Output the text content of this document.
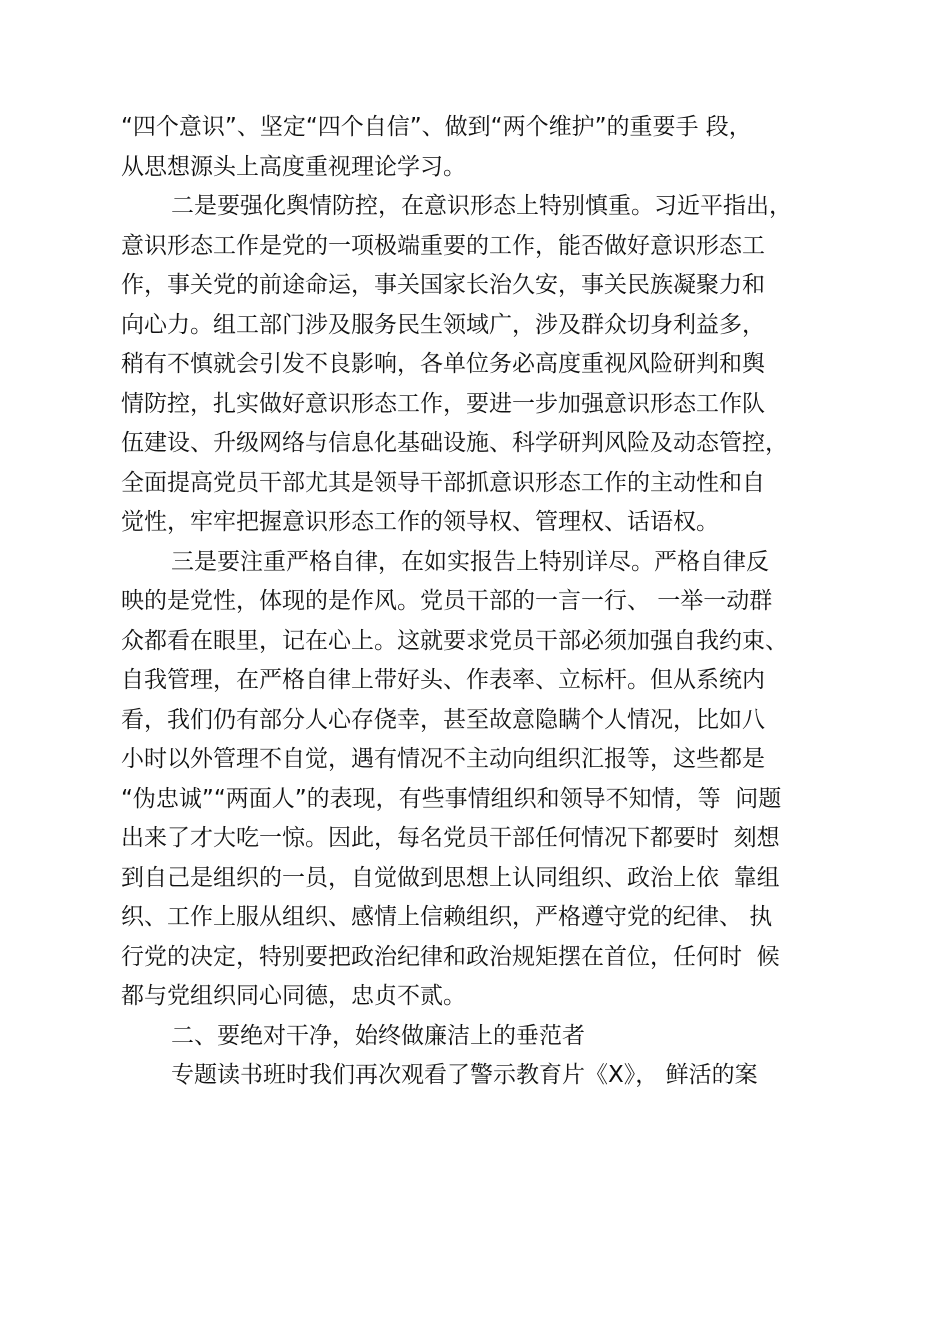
“四个意识”、坚定“四个自信”、做到“两个维护”的重要手 段，
从思想源头上高度重视理论学习。
二是要强化舆情防控，在意识形态上特别慎重。习近平指出，
意识形态工作是党的一项极端重要的工作，能否做好意识形态工
作，事关党的前途命运，事关国家长治久安，事关民族凝聚力和
向心力。组工部门涉及服务民生领域广，涉及群众切身利益多，
稍有不慎就会引发不良影响，各单位务必高度重视风险研判和舆
情防控，扎实做好意识形态工作，要进一步加强意识形态工作队
伍建设、升级网络与信息化基础设施、科学研判风险及动态管控，
全面提高党员干部尤其是领导干部抓意识形态工作的主动性和自
觉性，牢牢把握意识形态工作的领导权、管理权、话语权。
三是要注重严格自律，在如实报告上特别详尽。严格自律反
映的是党性，体现的是作风。党员干部的一言一行、 一举一动群
众都看在眼里，记在心上。这就要求党员干部必须加强自我约束、
自我管理，在严格自律上带好头、作表率、立标杆。但从系统内
看，我们仍有部分人心存侥幸，甚至故意隐瞒个人情况，比如八
小时以外管理不自觉，遇有情况不主动向组织汇报等，这些都是
“伪忠诚”“两面人”的表现，有些事情组织和领导不知情，等  问题
出来了才大吃一惊。因此，每名党员干部任何情况下都要时  刻想
到自己是组织的一员，自觉做到思想上认同组织、政治上依  靠组
织、工作上服从组织、感情上信赖组织，严格遵守党的纪律、 执
行党的决定，特别要把政治纪律和政治规矩摆在首位，任何时  候
都与党组织同心同德，忠贞不贰。
二、要绝对干净，始终做廉洁上的垂范者
专题读书班时我们再次观看了警示教育片《X》， 鲜活的案
